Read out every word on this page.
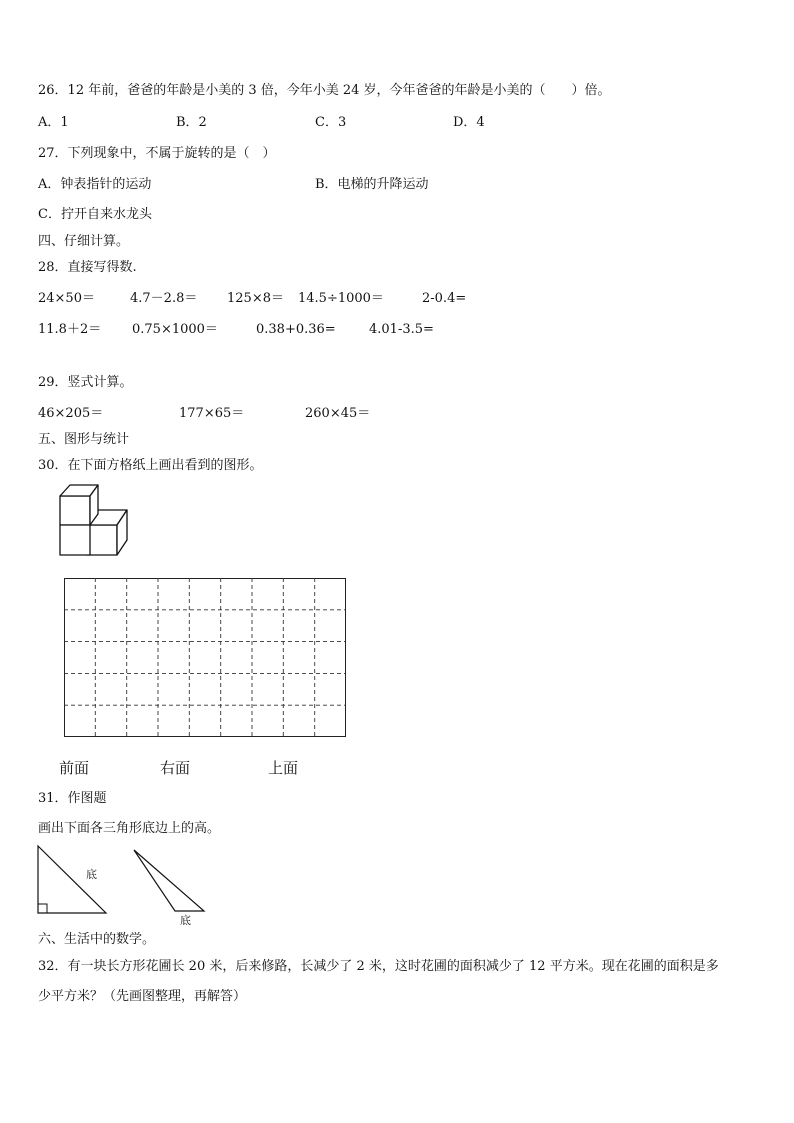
26．12 年前，爸爸的年龄是小美的 3 倍，今年小美 24 岁，今年爸爸的年龄是小美的（　　）倍。
A．1	B．2	C．3	D．4
27．下列现象中，不属于旋转的是（　）
A．钟表指针的运动	B．电梯的升降运动
C．拧开自来水龙头
四、仔细计算。
28．直接写得数.
24×50＝	4.7－2.8＝ 125×8＝ 14.5÷1000＝	2-0.4=
11.8＋2＝ 0.75×1000＝	0.38+0.36=	4.01-3.5=
29．竖式计算。
46×205＝	177×65＝	260×45＝
五、图形与统计
30．在下面方格纸上画出看到的图形。
前面	右面	上面
31．作图题
画出下面各三角形底边上的高。
底
底
六、生活中的数学。
32．有一块长方形花圃长 20 米，后来修路，长减少了 2 米，这时花圃的面积减少了 12 平方米。现在花圃的面积是多
少平方米？（先画图整理，再解答）
